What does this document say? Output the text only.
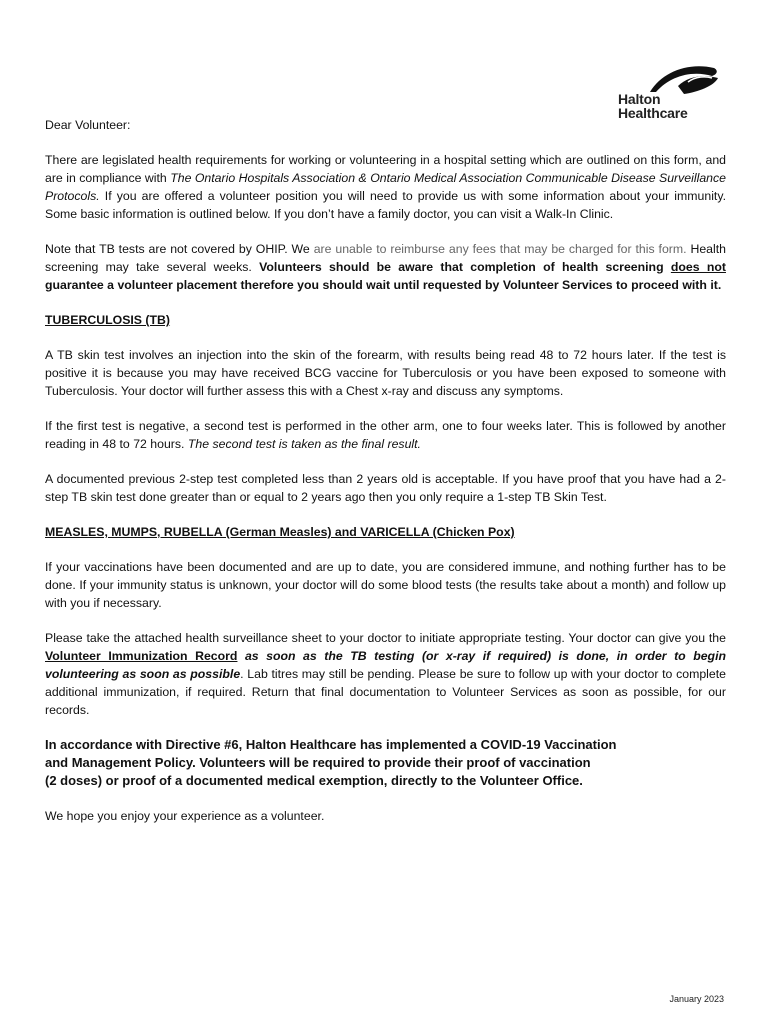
Halton
Healthcare

Dear Volunteer:

There are legislated health requirements for working or volunteering in a hospital setting which are outlined on this form, and are in compliance with The Ontario Hospitals Association & Ontario Medical Association Communicable Disease Surveillance Protocols. If you are offered a volunteer position you will need to provide us with some information about your immunity. Some basic information is outlined below. If you don’t have a family doctor, you can visit a Walk-In Clinic.

Note that TB tests are not covered by OHIP. We are unable to reimburse any fees that may be charged for this form. Health screening may take several weeks. Volunteers should be aware that completion of health screening does not guarantee a volunteer placement therefore you should wait until requested by Volunteer Services to proceed with it.

TUBERCULOSIS (TB)

A TB skin test involves an injection into the skin of the forearm, with results being read 48 to 72 hours later. If the test is positive it is because you may have received BCG vaccine for Tuberculosis or you have been exposed to someone with Tuberculosis. Your doctor will further assess this with a Chest x-ray and discuss any symptoms.

If the first test is negative, a second test is performed in the other arm, one to four weeks later. This is followed by another reading in 48 to 72 hours. The second test is taken as the final result.

A documented previous 2-step test completed less than 2 years old is acceptable. If you have proof that you have had a 2-step TB skin test done greater than or equal to 2 years ago then you only require a 1-step TB Skin Test.

MEASLES, MUMPS, RUBELLA (German Measles) and VARICELLA (Chicken Pox)

If your vaccinations have been documented and are up to date, you are considered immune, and nothing further has to be done. If your immunity status is unknown, your doctor will do some blood tests (the results take about a month) and follow up with you if necessary.

Please take the attached health surveillance sheet to your doctor to initiate appropriate testing. Your doctor can give you the Volunteer Immunization Record as soon as the TB testing (or x-ray if required) is done, in order to begin volunteering as soon as possible. Lab titres may still be pending. Please be sure to follow up with your doctor to complete additional immunization, if required. Return that final documentation to Volunteer Services as soon as possible, for our records.

In accordance with Directive #6, Halton Healthcare has implemented a COVID-19 Vaccination
and Management Policy. Volunteers will be required to provide their proof of vaccination
(2 doses) or proof of a documented medical exemption, directly to the Volunteer Office.

We hope you enjoy your experience as a volunteer.

January 2023
